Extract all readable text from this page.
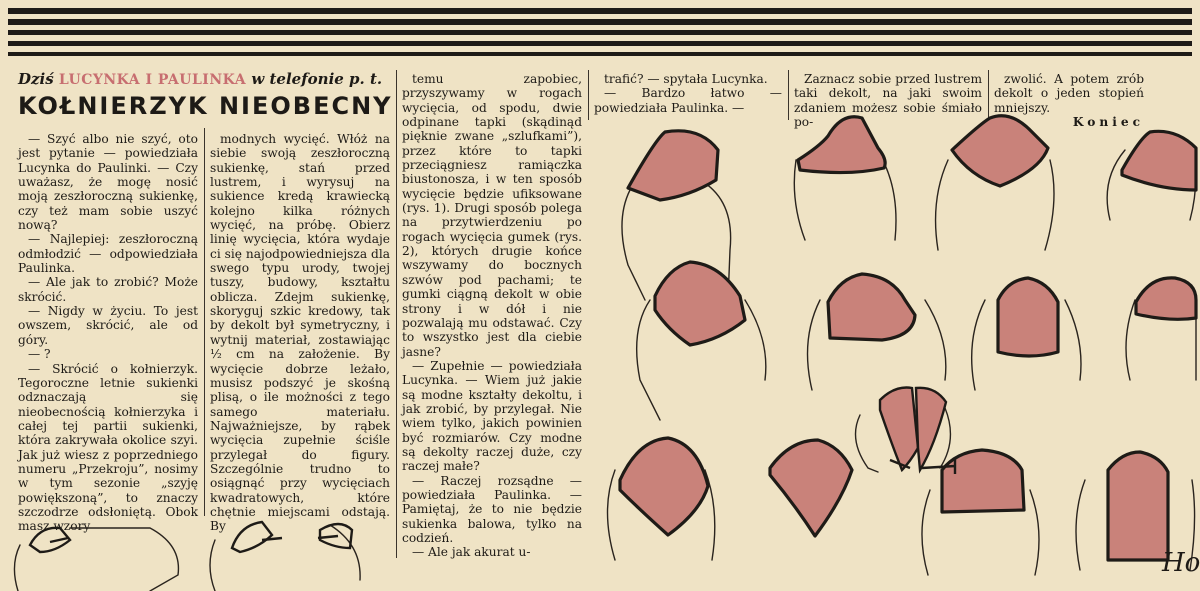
Dziś LUCYNKA I PAULINKA w telefonie p. t.
KOŁNIERZYK NIEOBECNY

— Szyć albo nie szyć, oto jest pytanie — powiedziała Lucynka do Paulinki. — Czy uważasz, że mogę nosić moją zeszłoroczną sukienkę, czy też mam sobie uszyć nową?

— Najlepiej: zeszłoroczną odmłodzić — odpowiedziała Paulinka.

— Ale jak to zrobić? Może skrócić.

— Nigdy w życiu. To jest owszem, skrócić, ale od góry.

— ?

— Skrócić o kołnierzyk. Tegoroczne letnie sukienki odznaczają się nieobecnością kołnierzyka i całej tej partii sukienki, która zakrywała okolice szyi. Jak już wiesz z poprzedniego numeru „Przekroju”, nosimy w tym sezonie „szyję powiększoną”, to znaczy szczodrze odsłoniętą. Obok masz wzory

modnych wycięć. Włóż na siebie swoją zeszłoroczną sukienkę, stań przed lustrem, i wyrysuj na sukience kredą krawiecką kolejno kilka różnych wycięć, na próbę. Obierz linię wycięcia, która wydaje ci się najodpowiedniejsza dla swego typu urody, twojej tuszy, budowy, kształtu oblicza. Zdejm sukienkę, skoryguj szkic kredowy, tak by dekolt był symetryczny, i wytnij materiał, zostawiając ½ cm na założenie. By wycięcie dobrze leżało, musisz podszyć je skośną plisą, o ile możności z tego samego materiału. Najważniejsze, by rąbek wycięcia zupełnie ściśle przylegał do figury. Szczególnie trudno to osiągnąć przy wycięciach kwadratowych, które chętnie miejscami odstają. By

temu zapobiec, przyszywamy w rogach wycięcia, od spodu, dwie odpinane tapki (skądinąd pięknie zwane „szlufkami”), przez które to tapki przeciągniesz ramiączka biustonosza, i w ten sposób wycięcie będzie ufiksowane (rys. 1). Drugi sposób polega na przytwierdzeniu po rogach wycięcia gumek (rys. 2), których drugie końce wszywamy do bocznych szwów pod pachami; te gumki ciągną dekolt w obie strony i w dół i nie pozwalają mu odstawać. Czy to wszystko jest dla ciebie jasne?

— Zupełnie — powiedziała Lucynka. — Wiem już jakie są modne kształty dekoltu, i jak zrobić, by przylegał. Nie wiem tylko, jakich powinien być rozmiarów. Czy modne są dekolty raczej duże, czy raczej małe?

— Raczej rozsądne — powiedziała Paulinka. — Pamiętaj, że to nie będzie sukienka balowa, tylko na codzień.

— Ale jak akurat u-

trafić? — spytała Lucynka.

— Bardzo łatwo — powiedziała Paulinka. —

Zaznacz sobie przed lustrem taki dekolt, na jaki swoim zdaniem możesz sobie śmiało po-

zwolić. A potem zrób dekolt o jeden stopień mniejszy.

Koniec
Ho
